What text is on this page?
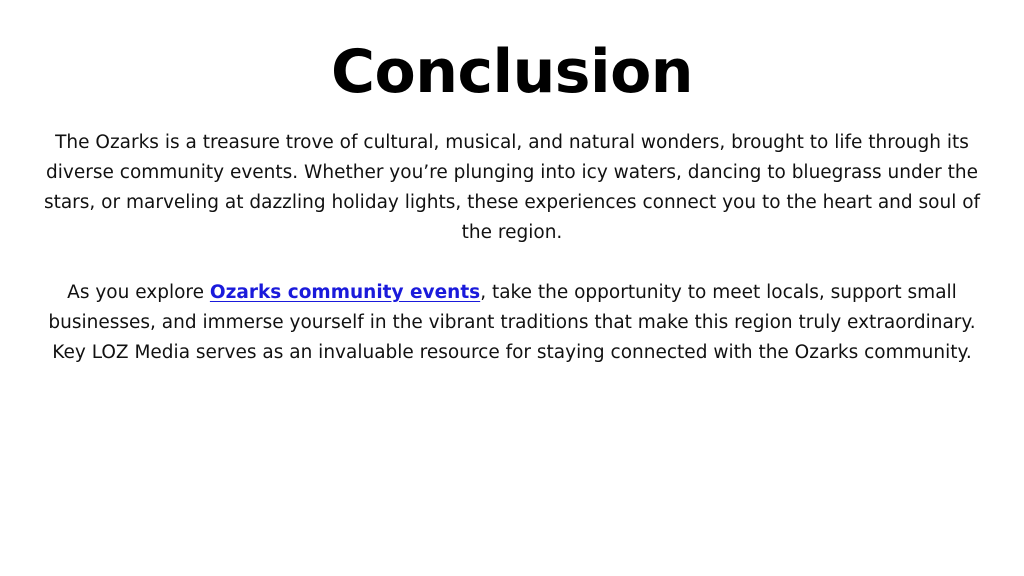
Conclusion

The Ozarks is a treasure trove of cultural, musical, and natural wonders, brought to life through its diverse community events. Whether you’re plunging into icy waters, dancing to bluegrass under the stars, or marveling at dazzling holiday lights, these experiences connect you to the heart and soul of the region.

As you explore Ozarks community events, take the opportunity to meet locals, support small businesses, and immerse yourself in the vibrant traditions that make this region truly extraordinary. Key LOZ Media serves as an invaluable resource for staying connected with the Ozarks community.
